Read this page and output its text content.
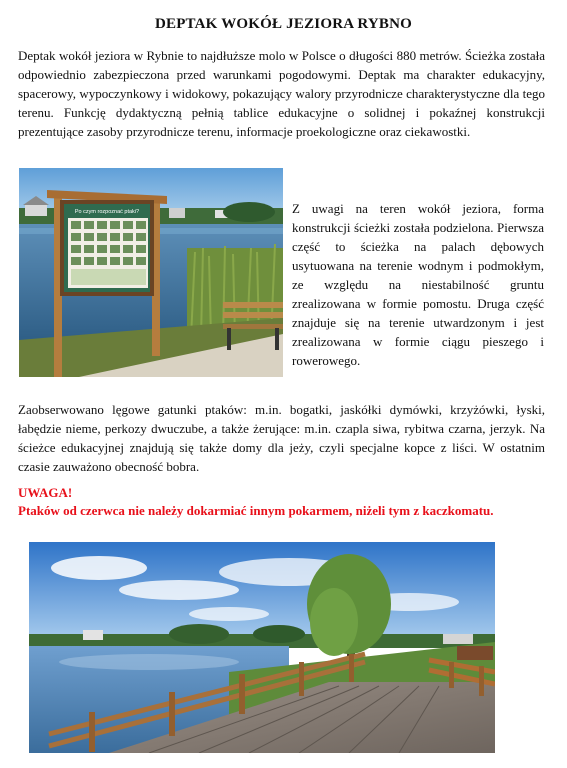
DEPTAK WOKÓŁ JEZIORA RYBNO
Deptak wokół jeziora w Rybnie to najdłuższe molo w Polsce o długości 880 metrów. Ścieżka została odpowiednio zabezpieczona przed warunkami pogodowymi. Deptak ma charakter edukacyjny, spacerowy, wypoczynkowy i widokowy, pokazujący walory przyrodnicze charakterystyczne dla tego terenu. Funkcję dydaktyczną pełnią tablice edukacyjne o solidnej i pokaźnej konstrukcji prezentujące zasoby przyrodnicze terenu, informacje proekologiczne oraz ciekawostki.
Po czym rozpoznać ptaki?	Z uwagi na teren wokół jeziora, forma konstrukcji ścieżki została podzielona. Pierwsza część to ścieżka na palach dębowych usytuowana na terenie wodnym i podmokłym, ze względu na niestabilność gruntu zrealizowana w formie pomostu. Druga część znajduje się na terenie utwardzonym i jest zrealizowana w formie ciągu pieszego i rowerowego.
Zaobserwowano lęgowe gatunki ptaków: m.in. bogatki, jaskółki dymówki, krzyżówki, łyski, łabędzie nieme, perkozy dwuczube, a także żerujące: m.in. czapla siwa, rybitwa czarna, jerzyk. Na ścieżce edukacyjnej znajdują się także domy dla jeży, czyli specjalne kopce z liści. W ostatnim czasie zauważono obecność bobra.
UWAGA!
Ptaków od czerwca nie należy dokarmiać innym pokarmem, niżeli tym z kaczkomatu.
